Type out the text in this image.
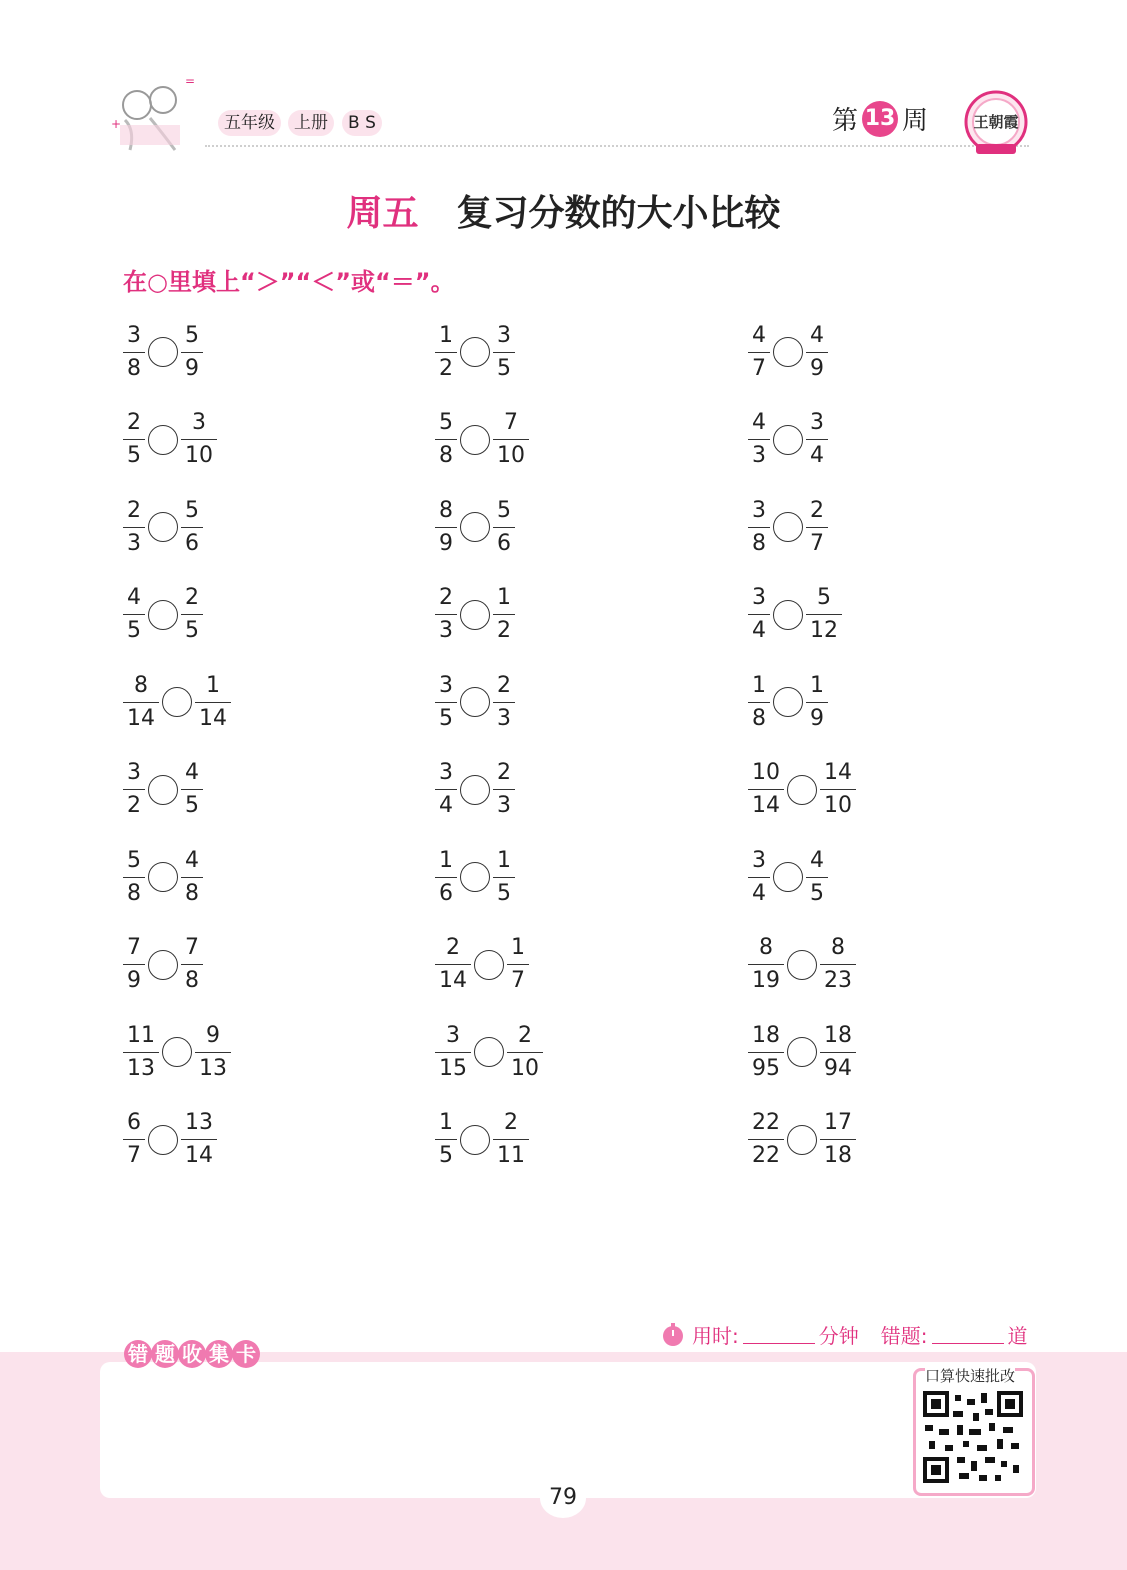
=
+	五年级	上册	B S	第 13 周	王朝霞
周五 复习分数的大小比较
在○里填上“＞”“＜”或“＝”。
$\frac{3}{8} \frac{5}{9}$
$\frac{2}{5} \frac{3}{10}$
$\frac{2}{3} \frac{5}{6}$
$\frac{4}{5} \frac{2}{5}$
$\frac{8}{14} \frac{1}{14}$
$\frac{3}{2} \frac{4}{5}$
$\frac{5}{8} \frac{4}{8}$
$\frac{7}{9} \frac{7}{8}$
$\frac{11}{13} \frac{9}{13}$
$\frac{6}{7} \frac{13}{14}$
$\frac{1}{2} \frac{3}{5}$
$\frac{5}{8} \frac{7}{10}$
$\frac{8}{9} \frac{5}{6}$
$\frac{2}{3} \frac{1}{2}$
$\frac{3}{5} \frac{2}{3}$
$\frac{3}{4} \frac{2}{3}$
$\frac{1}{6} \frac{1}{5}$
$\frac{2}{14} \frac{1}{7}$
$\frac{3}{15} \frac{2}{10}$
$\frac{1}{5} \frac{2}{11}$
$\frac{4}{7} \frac{4}{9}$
$\frac{4}{3} \frac{3}{4}$
$\frac{3}{8} \frac{2}{7}$
$\frac{3}{4} \frac{5}{12}$
$\frac{1}{8} \frac{1}{9}$
$\frac{10}{14} \frac{14}{10}$
$\frac{3}{4} \frac{4}{5}$
$\frac{8}{19} \frac{8}{23}$
$\frac{18}{95} \frac{18}{94}$
$\frac{22}{22} \frac{17}{18}$
用时:	分钟 错题:	道
错 题 收 集 卡
口算快速批改
79
